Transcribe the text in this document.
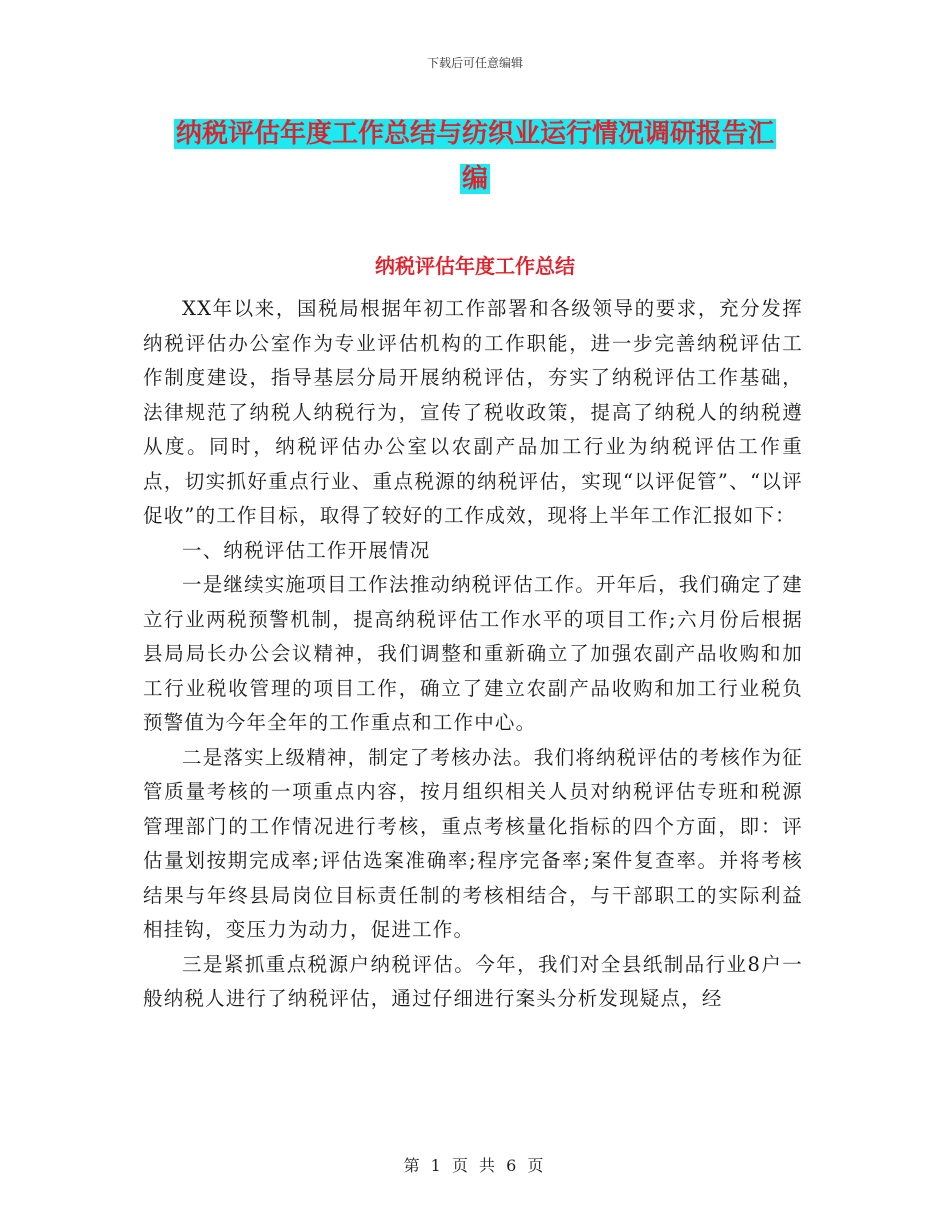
下载后可任意编辑
纳税评估年度工作总结与纺织业运行情况调研报告汇
编
纳税评估年度工作总结

XX年以来，国税局根据年初工作部署和各级领导的要求，充分发挥纳税评估办公室作为专业评估机构的工作职能，进一步完善纳税评估工作制度建设，指导基层分局开展纳税评估，夯实了纳税评估工作基础，法律规范了纳税人纳税行为，宣传了税收政策，提高了纳税人的纳税遵从度。同时，纳税评估办公室以农副产品加工行业为纳税评估工作重点，切实抓好重点行业、重点税源的纳税评估，实现“以评促管”、“以评促收”的工作目标，取得了较好的工作成效，现将上半年工作汇报如下：

一、纳税评估工作开展情况

一是继续实施项目工作法推动纳税评估工作。开年后，我们确定了建立行业两税预警机制，提高纳税评估工作水平的项目工作;六月份后根据县局局长办公会议精神，我们调整和重新确立了加强农副产品收购和加工行业税收管理的项目工作，确立了建立农副产品收购和加工行业税负预警值为今年全年的工作重点和工作中心。

二是落实上级精神，制定了考核办法。我们将纳税评估的考核作为征管质量考核的一项重点内容，按月组织相关人员对纳税评估专班和税源管理部门的工作情况进行考核，重点考核量化指标的四个方面，即：评估量划按期完成率;评估选案准确率;程序完备率;案件复查率。并将考核结果与年终县局岗位目标责任制的考核相结合，与干部职工的实际利益相挂钩，变压力为动力，促进工作。

三是紧抓重点税源户纳税评估。今年，我们对全县纸制品行业8户一般纳税人进行了纳税评估，通过仔细进行案头分析发现疑点，经

第 1 页 共 6 页
